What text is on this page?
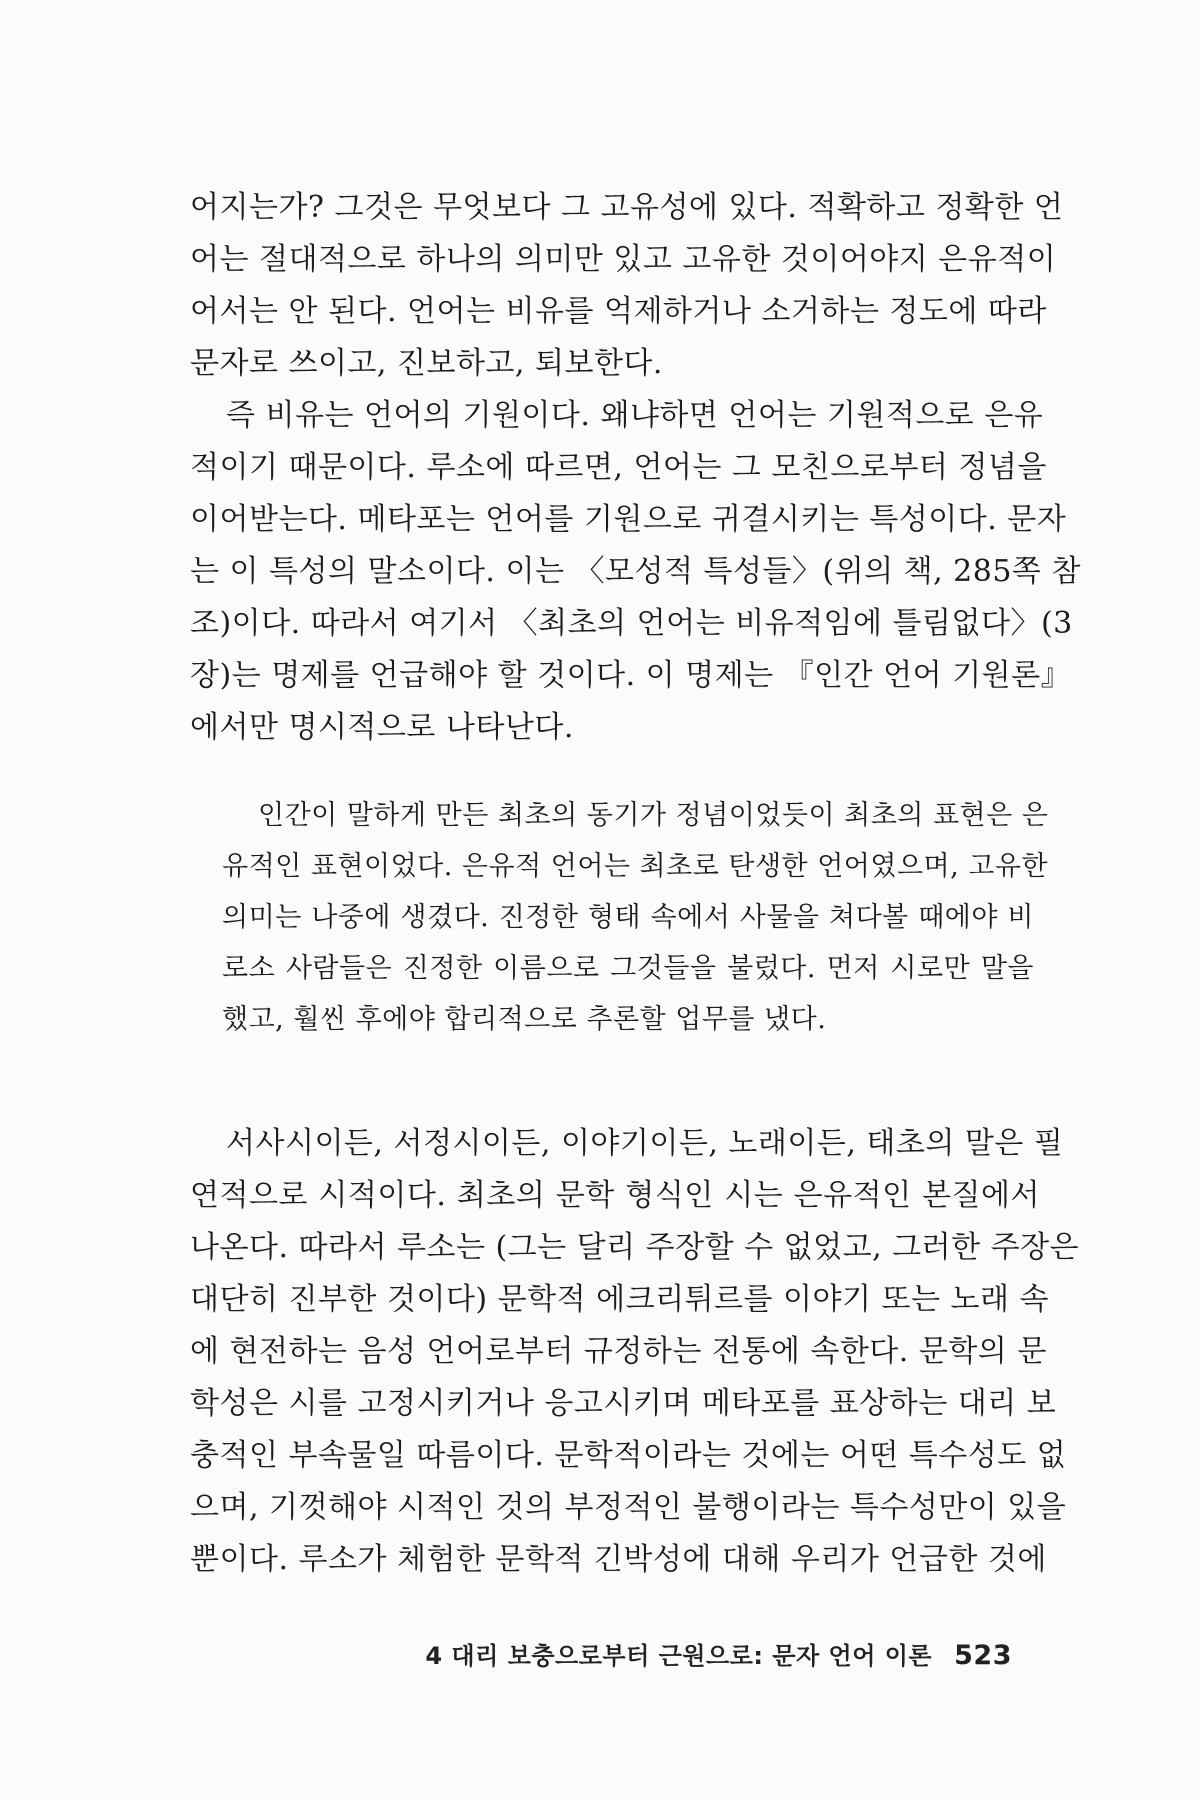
어지는가? 그것은 무엇보다 그 고유성에 있다. 적확하고 정확한 언
어는 절대적으로 하나의 의미만 있고 고유한 것이어야지 은유적이
어서는 안 된다. 언어는 비유를 억제하거나 소거하는 정도에 따라
문자로 쓰이고, 진보하고, 퇴보한다.
즉 비유는 언어의 기원이다. 왜냐하면 언어는 기원적으로 은유
적이기 때문이다. 루소에 따르면, 언어는 그 모친으로부터 정념을
이어받는다. 메타포는 언어를 기원으로 귀결시키는 특성이다. 문자
는 이 특성의 말소이다. 이는 〈모성적 특성들〉(위의 책, 285쪽 참
조)이다. 따라서 여기서 〈최초의 언어는 비유적임에 틀림없다〉(3
장)는 명제를 언급해야 할 것이다. 이 명제는 『인간 언어 기원론』
에서만 명시적으로 나타난다.
인간이 말하게 만든 최초의 동기가 정념이었듯이 최초의 표현은 은
유적인 표현이었다. 은유적 언어는 최초로 탄생한 언어였으며, 고유한
의미는 나중에 생겼다. 진정한 형태 속에서 사물을 쳐다볼 때에야 비
로소 사람들은 진정한 이름으로 그것들을 불렀다. 먼저 시로만 말을
했고, 훨씬 후에야 합리적으로 추론할 업무를 냈다.
서사시이든, 서정시이든, 이야기이든, 노래이든, 태초의 말은 필
연적으로 시적이다. 최초의 문학 형식인 시는 은유적인 본질에서
나온다. 따라서 루소는 (그는 달리 주장할 수 없었고, 그러한 주장은
대단히 진부한 것이다) 문학적 에크리튀르를 이야기 또는 노래 속
에 현전하는 음성 언어로부터 규정하는 전통에 속한다. 문학의 문
학성은 시를 고정시키거나 응고시키며 메타포를 표상하는 대리 보
충적인 부속물일 따름이다. 문학적이라는 것에는 어떤 특수성도 없
으며, 기껏해야 시적인 것의 부정적인 불행이라는 특수성만이 있을
뿐이다. 루소가 체험한 문학적 긴박성에 대해 우리가 언급한 것에
4 대리 보충으로부터 근원으로: 문자 언어 이론 523
